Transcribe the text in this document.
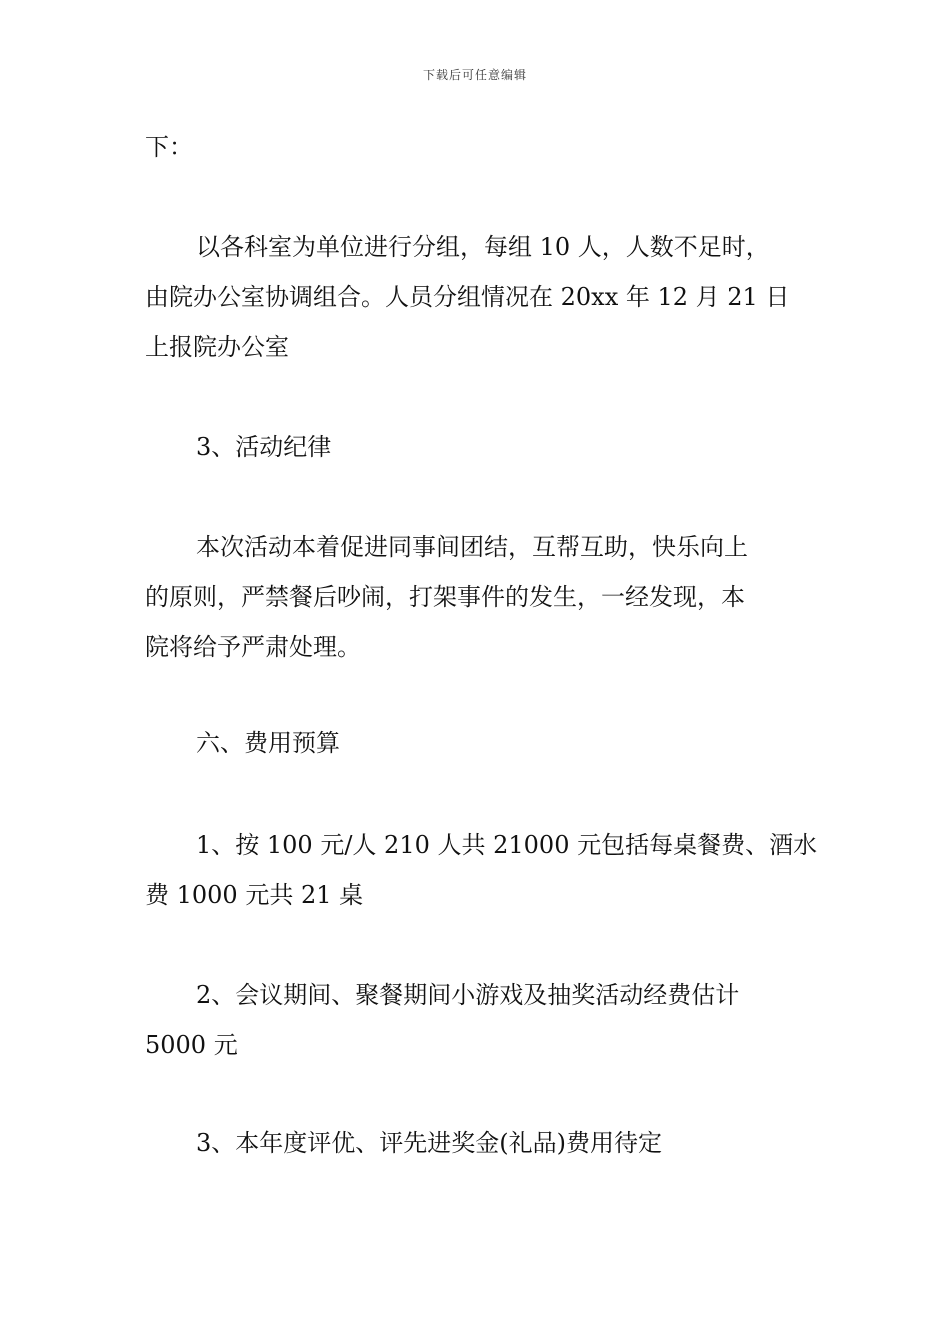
下载后可任意编辑
下：
以各科室为单位进行分组，每组 10 人，人数不足时，
由院办公室协调组合。人员分组情况在 20xx 年 12 月 21 日
上报院办公室
3、活动纪律
本次活动本着促进同事间团结，互帮互助，快乐向上
的原则，严禁餐后吵闹，打架事件的发生，一经发现，本
院将给予严肃处理。
六、费用预算
1、按 100 元/人 210 人共 21000 元包括每桌餐费、酒水
费 1000 元共 21 桌
2、会议期间、聚餐期间小游戏及抽奖活动经费估计
5000 元
3、本年度评优、评先进奖金(礼品)费用待定
